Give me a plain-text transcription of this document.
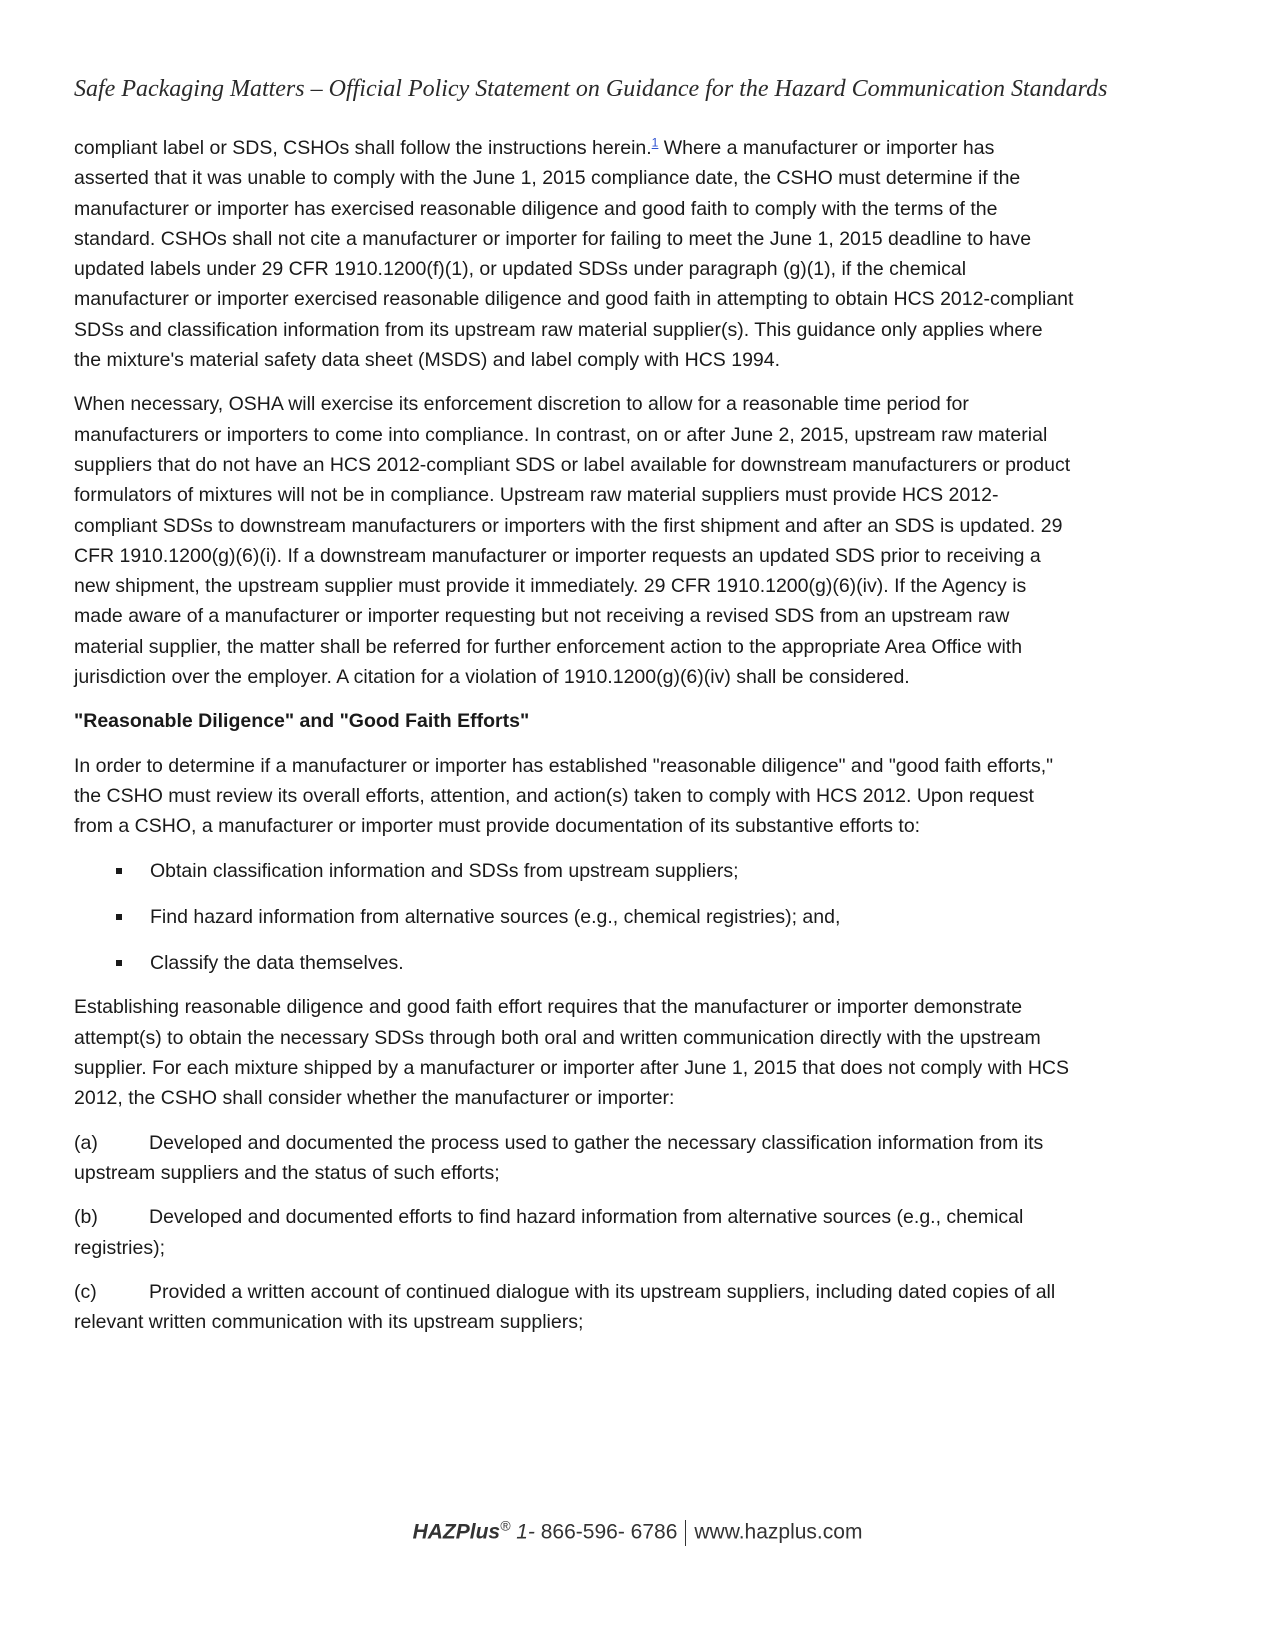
Safe Packaging Matters – Official Policy Statement on Guidance for the Hazard Communication Standards

compliant label or SDS, CSHOs shall follow the instructions herein.$^1$ Where a manufacturer or importer has asserted that it was unable to comply with the June 1, 2015 compliance date, the CSHO must determine if the manufacturer or importer has exercised reasonable diligence and good faith to comply with the terms of the standard. CSHOs shall not cite a manufacturer or importer for failing to meet the June 1, 2015 deadline to have updated labels under 29 CFR 1910.1200(f)(1), or updated SDSs under paragraph (g)(1), if the chemical manufacturer or importer exercised reasonable diligence and good faith in attempting to obtain HCS 2012-compliant SDSs and classification information from its upstream raw material supplier(s). This guidance only applies where the mixture's material safety data sheet (MSDS) and label comply with HCS 1994.

When necessary, OSHA will exercise its enforcement discretion to allow for a reasonable time period for manufacturers or importers to come into compliance. In contrast, on or after June 2, 2015, upstream raw material suppliers that do not have an HCS 2012-compliant SDS or label available for downstream manufacturers or product formulators of mixtures will not be in compliance. Upstream raw material suppliers must provide HCS 2012-compliant SDSs to downstream manufacturers or importers with the first shipment and after an SDS is updated. 29 CFR 1910.1200(g)(6)(i). If a downstream manufacturer or importer requests an updated SDS prior to receiving a new shipment, the upstream supplier must provide it immediately. 29 CFR 1910.1200(g)(6)(iv). If the Agency is made aware of a manufacturer or importer requesting but not receiving a revised SDS from an upstream raw material supplier, the matter shall be referred for further enforcement action to the appropriate Area Office with jurisdiction over the employer. A citation for a violation of 1910.1200(g)(6)(iv) shall be considered.

"Reasonable Diligence" and "Good Faith Efforts"

In order to determine if a manufacturer or importer has established "reasonable diligence" and "good faith efforts," the CSHO must review its overall efforts, attention, and action(s) taken to comply with HCS 2012. Upon request from a CSHO, a manufacturer or importer must provide documentation of its substantive efforts to:

Obtain classification information and SDSs from upstream suppliers;
Find hazard information from alternative sources (e.g., chemical registries); and,
Classify the data themselves.

Establishing reasonable diligence and good faith effort requires that the manufacturer or importer demonstrate attempt(s) to obtain the necessary SDSs through both oral and written communication directly with the upstream supplier. For each mixture shipped by a manufacturer or importer after June 1, 2015 that does not comply with HCS 2012, the CSHO shall consider whether the manufacturer or importer:

(a)	Developed and documented the process used to gather the necessary classification information from its upstream suppliers and the status of such efforts;

(b)	Developed and documented efforts to find hazard information from alternative sources (e.g., chemical registries);

(c)	Provided a written account of continued dialogue with its upstream suppliers, including dated copies of all relevant written communication with its upstream suppliers;

HAZPlus® 1- 866-596- 6786 www.hazplus.com
